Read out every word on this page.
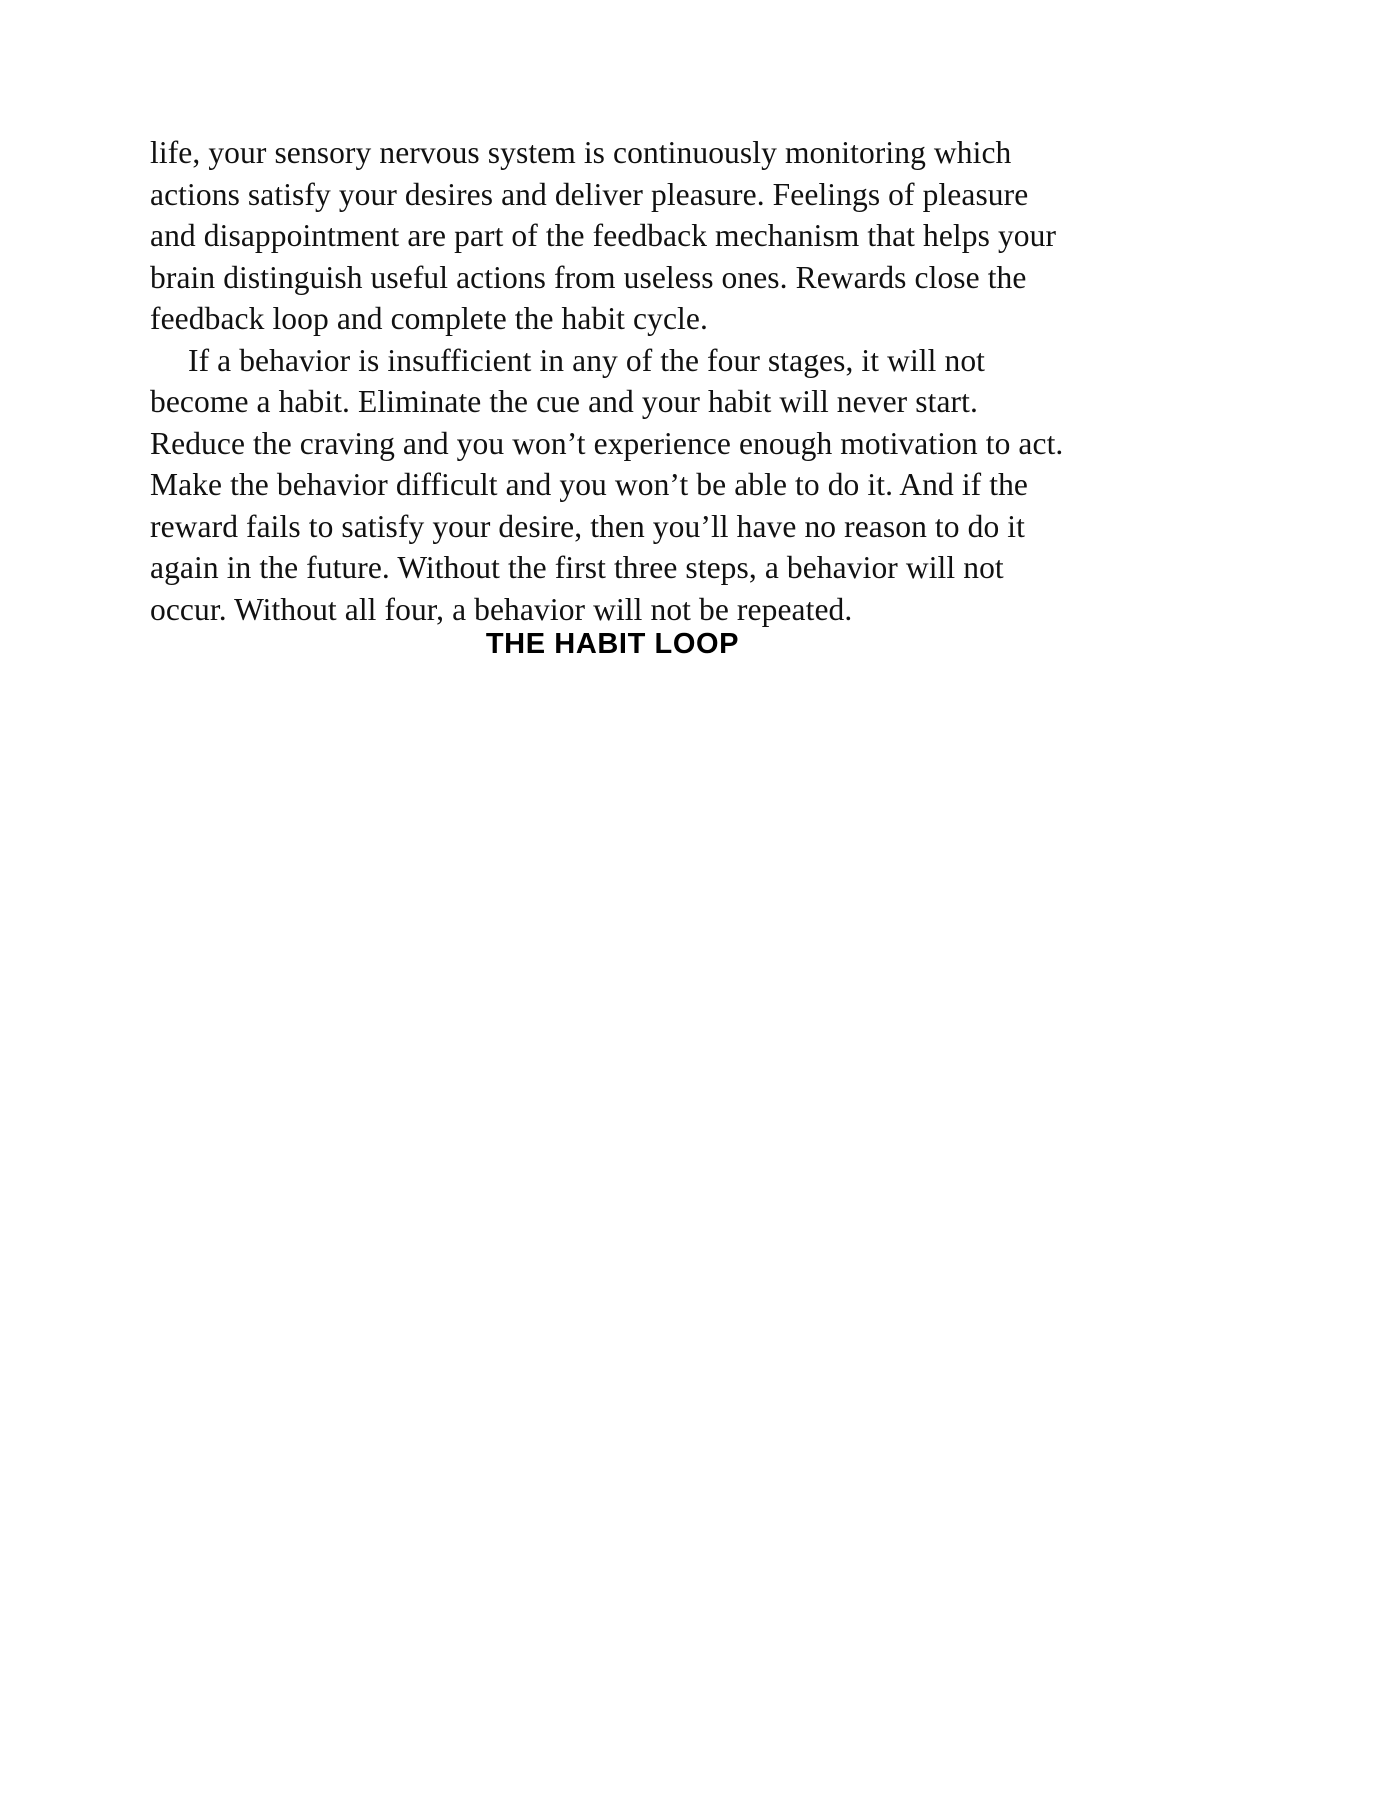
life, your sensory nervous system is continuously monitoring which actions satisfy your desires and deliver pleasure. Feelings of pleasure and disappointment are part of the feedback mechanism that helps your brain distinguish useful actions from useless ones. Rewards close the feedback loop and complete the habit cycle.

If a behavior is insufficient in any of the four stages, it will not become a habit. Eliminate the cue and your habit will never start. Reduce the craving and you won’t experience enough motivation to act. Make the behavior difficult and you won’t be able to do it. And if the reward fails to satisfy your desire, then you’ll have no reason to do it again in the future. Without the first three steps, a behavior will not occur. Without all four, a behavior will not be repeated.

THE HABIT LOOP
